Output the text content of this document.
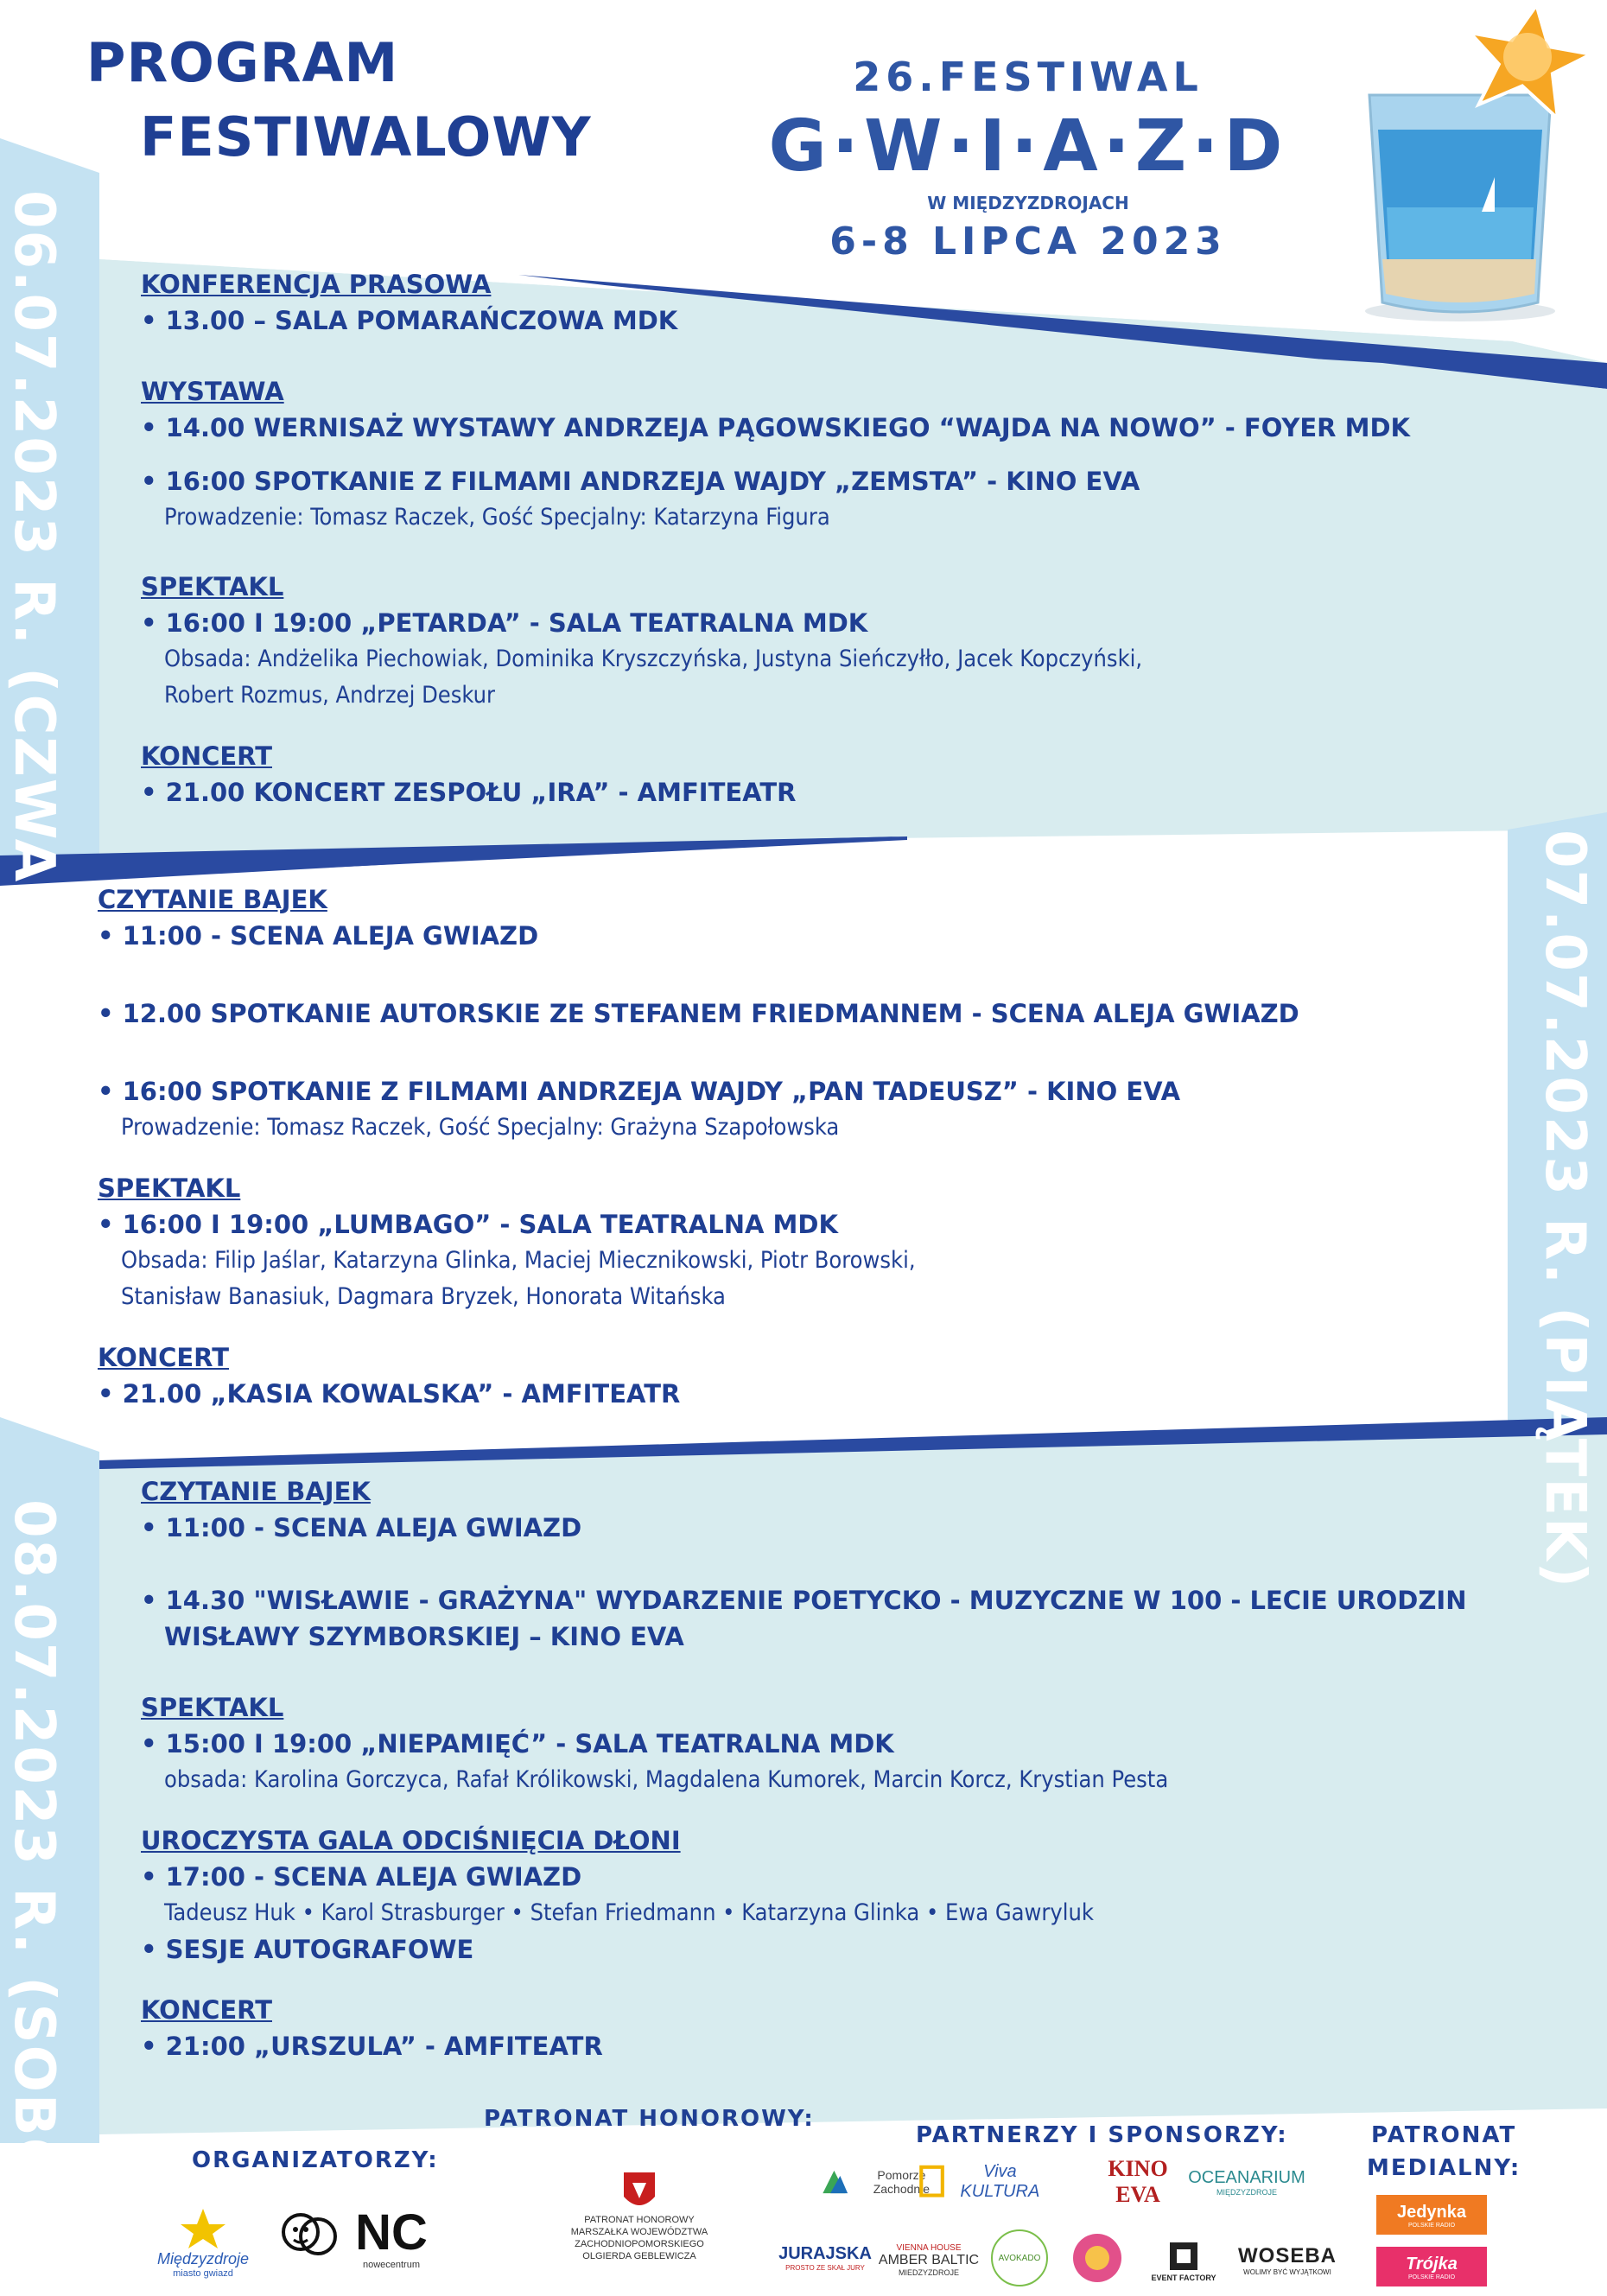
PROGRAM
FESTIWALOWY
26.FESTIWAL
G·W·I·A·Z·D
W MIĘDZYZDROJACH
6-8 LIPCA 2023
06.07.2023 R. (CZWARTEK)
07.07.2023 R. (PIĄTEK)
08.07.2023 R. (SOBOTA)

KONFERENCJA PRASOWA

• 13.00 – SALA POMARAŃCZOWA MDK

WYSTAWA

• 14.00 WERNISAŻ WYSTAWY ANDRZEJA PĄGOWSKIEGO “WAJDA NA NOWO” - FOYER MDK

• 16:00 SPOTKANIE Z FILMAMI ANDRZEJA WAJDY „ZEMSTA” - KINO EVA

Prowadzenie: Tomasz Raczek, Gość Specjalny: Katarzyna Figura

SPEKTAKL

• 16:00 I 19:00 „PETARDA” - SALA TEATRALNA MDK

Obsada: Andżelika Piechowiak, Dominika Kryszczyńska, Justyna Sieńczyłło, Jacek Kopczyński,

Robert Rozmus, Andrzej Deskur

KONCERT

• 21.00 KONCERT ZESPOŁU „IRA” - AMFITEATR

CZYTANIE BAJEK

• 11:00 - SCENA ALEJA GWIAZD

• 12.00 SPOTKANIE AUTORSKIE ZE STEFANEM FRIEDMANNEM - SCENA ALEJA GWIAZD

• 16:00 SPOTKANIE Z FILMAMI ANDRZEJA WAJDY „PAN TADEUSZ” - KINO EVA

Prowadzenie: Tomasz Raczek, Gość Specjalny: Grażyna Szapołowska

SPEKTAKL

• 16:00 I 19:00 „LUMBAGO” - SALA TEATRALNA MDK

Obsada: Filip Jaślar, Katarzyna Glinka, Maciej Miecznikowski, Piotr Borowski,

Stanisław Banasiuk, Dagmara Bryzek, Honorata Witańska

KONCERT

• 21.00 „KASIA KOWALSKA” - AMFITEATR

CZYTANIE BAJEK

• 11:00 - SCENA ALEJA GWIAZD

• 14.30 "WISŁAWIE - GRAŻYNA" WYDARZENIE POETYCKO - MUZYCZNE W 100 - LECIE URODZIN

WISŁAWY SZYMBORSKIEJ – KINO EVA

SPEKTAKL

• 15:00 I 19:00 „NIEPAMIĘĆ” - SALA TEATRALNA MDK

obsada: Karolina Gorczyca, Rafał Królikowski, Magdalena Kumorek, Marcin Korcz, Krystian Pesta

UROCZYSTA GALA ODCIŚNIĘCIA DŁONI

• 17:00 - SCENA ALEJA GWIAZD

Tadeusz Huk • Karol Strasburger • Stefan Friedmann • Katarzyna Glinka • Ewa Gawryluk

• SESJE AUTOGRAFOWE

KONCERT

• 21:00 „URSZULA” - AMFITEATR

ORGANIZATORZY:
PATRONAT HONOROWY:
PARTNERZY I SPONSORZY:	PATRONAT
MEDIALNY:
Międzyzdroje
miasto gwiazd
NC
nowecentrum
PATRONAT HONOROWY
MARSZAŁKA WOJEWÓDZTWA
ZACHODNIOPOMORSKIEGO
OLGIERDA GEBLEWICZA
Pomorze Zachodnie
Viva KULTURA
KINO EVA
OCEANARIUM
MIĘDZYZDROJE
JURAJSKA
PROSTO ZE SKAŁ JURY
VIENNA HOUSE
AMBER BALTIC
MIEDZYZDROJE
AVOKADO
EVENT FACTORY
WOSEBA
WOLIMY BYĆ WYJĄTKOWI
Jedynka
POLSKIE RADIO
Trójka
POLSKIE RADIO
